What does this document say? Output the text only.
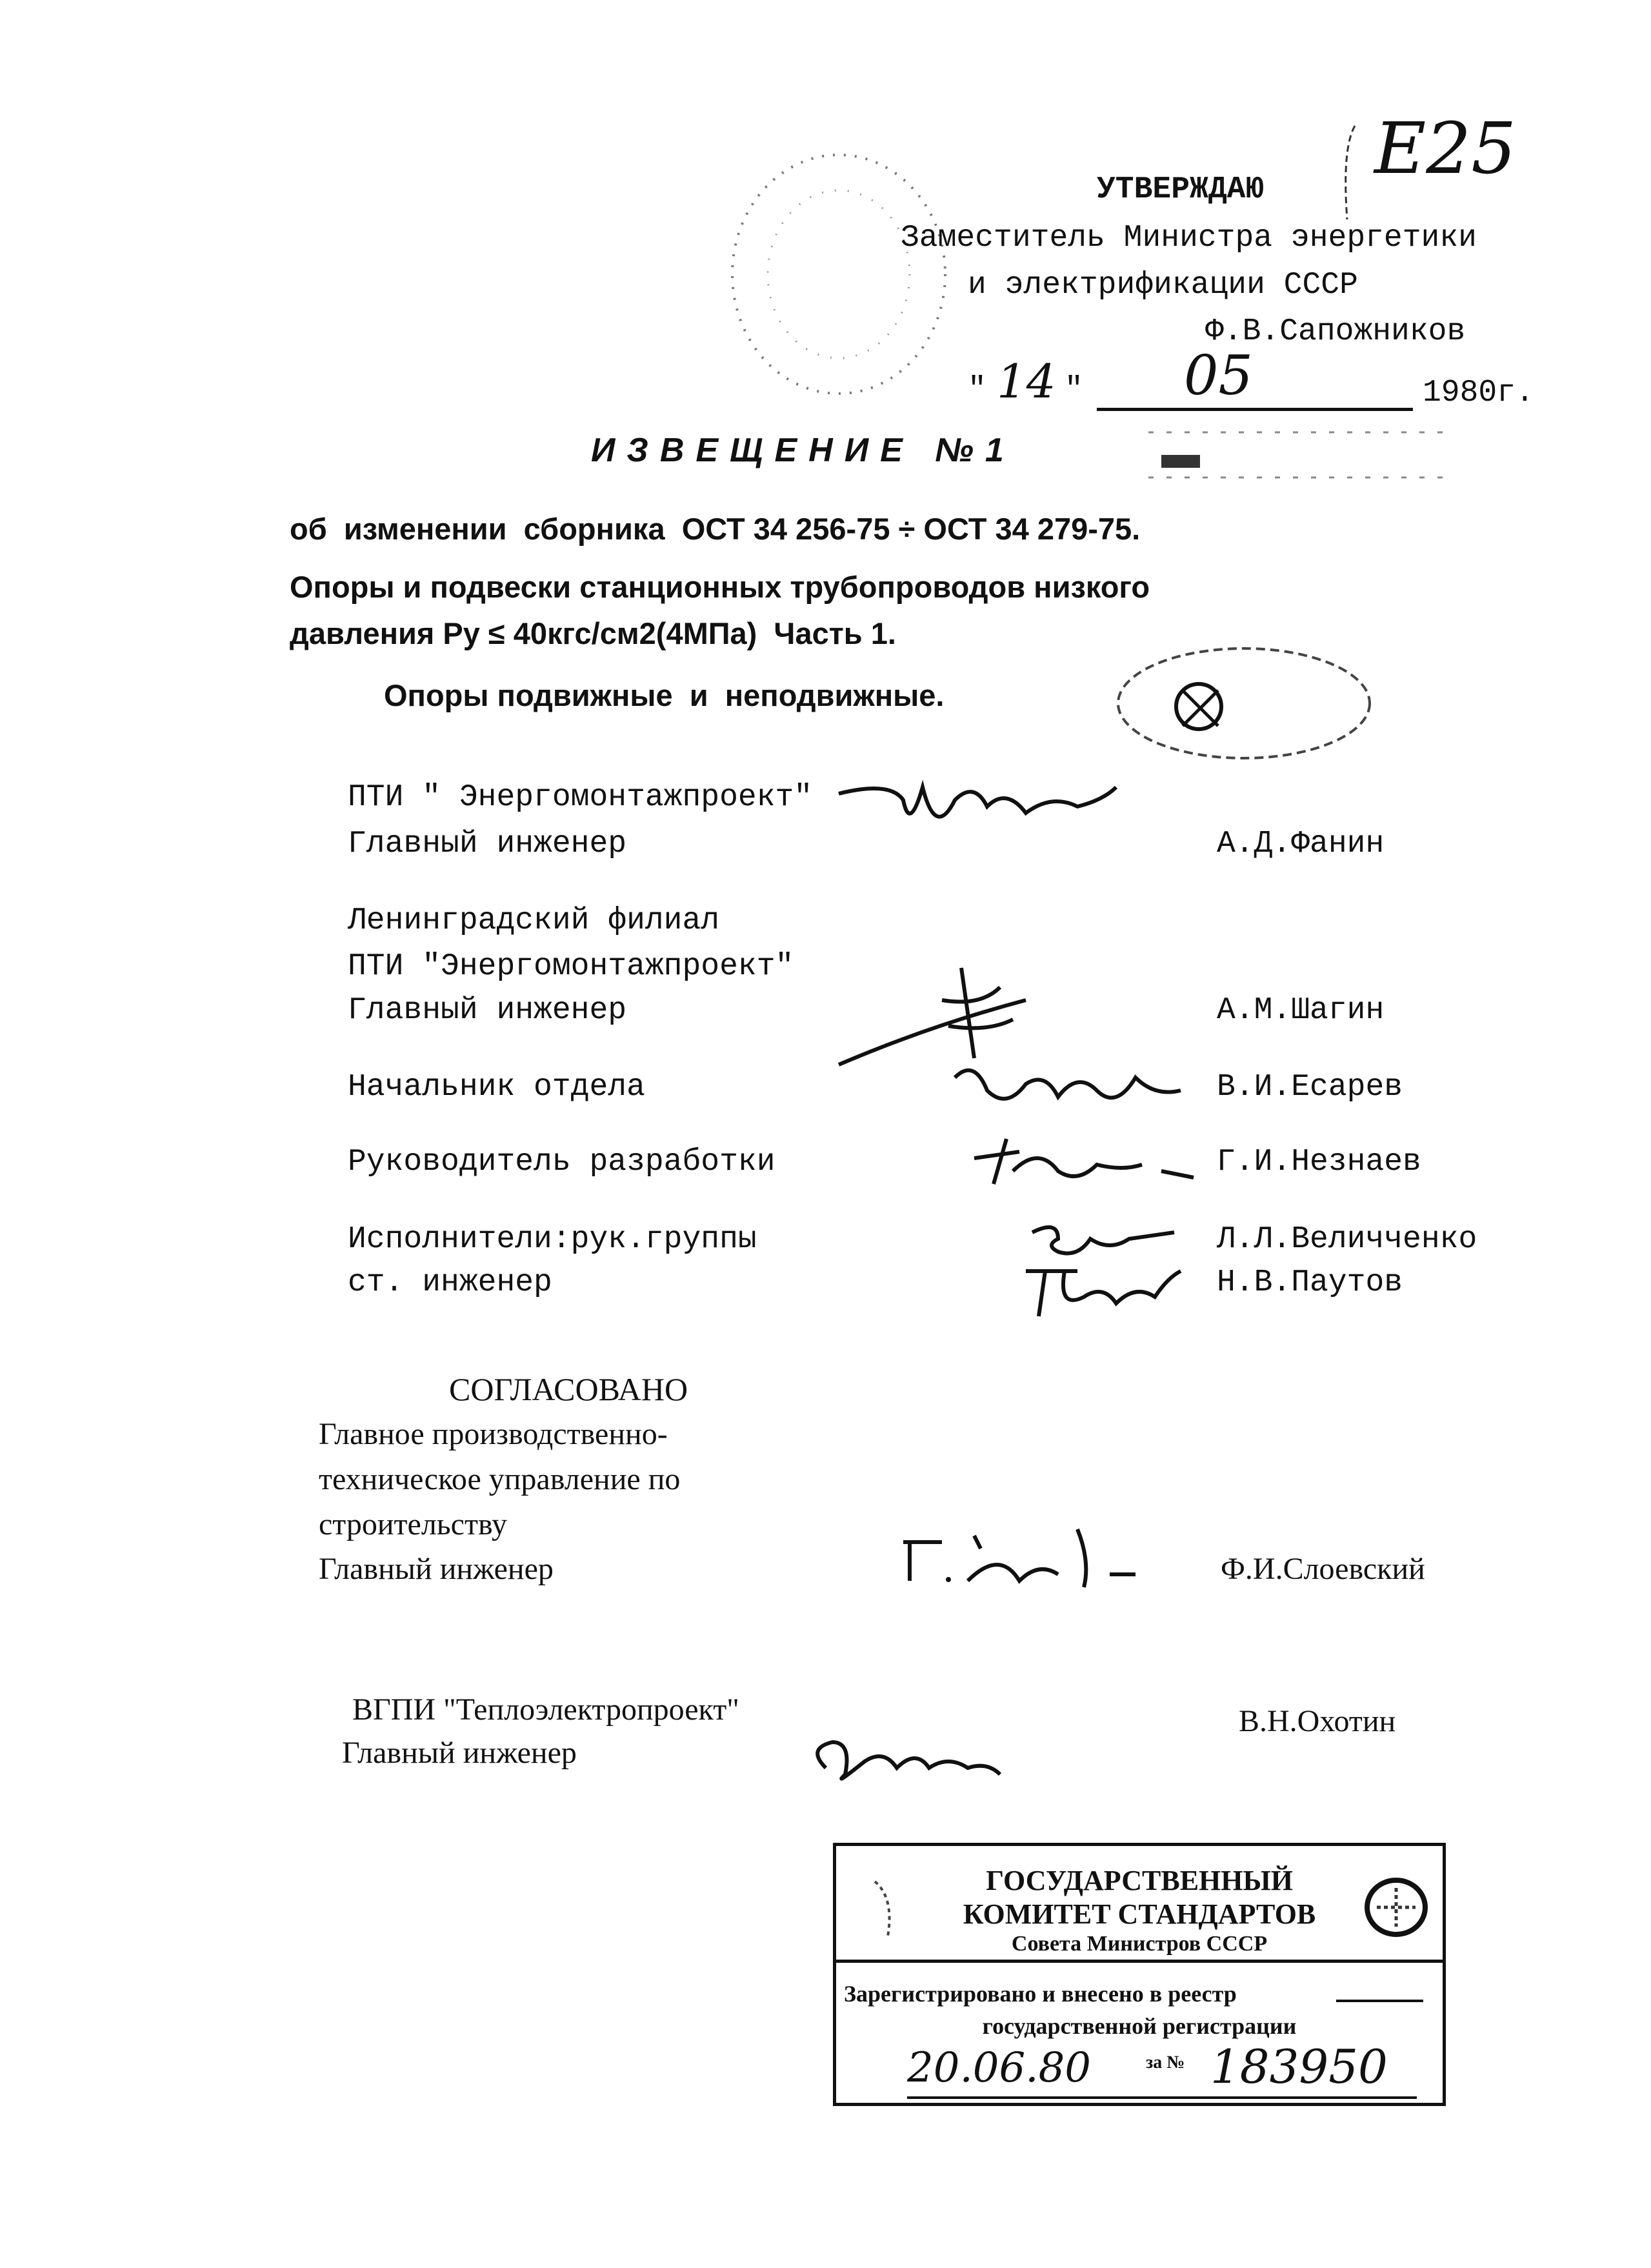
Е25
УТВЕРЖДАЮ
Заместитель Министра энергетики
и электрификации СССР
Ф.В.Сапожников
" 14 " 05	1980г.
ИЗВЕЩЕНИЕ №1
об  изменении  сборника  ОСТ 34 256-75 ÷ ОСТ 34 279-75.
Опоры и подвески станционных трубопроводов низкого
давления Ру ≤ 40кгс/см2(4МПа)  Часть 1.
Опоры подвижные  и  неподвижные.
ПТИ " Энергомонтажпроект"
Главный инженер	А.Д.Фанин
Ленинградский филиал
ПТИ "Энергомонтажпроект"
Главный инженер	А.М.Шагин
Начальник отдела	В.И.Есарев
Руководитель разработки	Г.И.Незнаев
Исполнители:рук.группы	Л.Л.Величченко
ст. инженер	Н.В.Паутов
СОГЛАСОВАНО
Главное производственно-
техническое управление по
строительству
Главный инженер	Ф.И.Слоевский
ВГПИ "Теплоэлектропроект"
Главный инженер
В.Н.Охотин
ГОСУДАРСТВЕННЫЙ
КОМИТЕТ СТАНДАРТОВ
Совета Министров СССР
Зарегистрировано и внесено в реестр
государственной регистрации
20.06.80	за № 183950
